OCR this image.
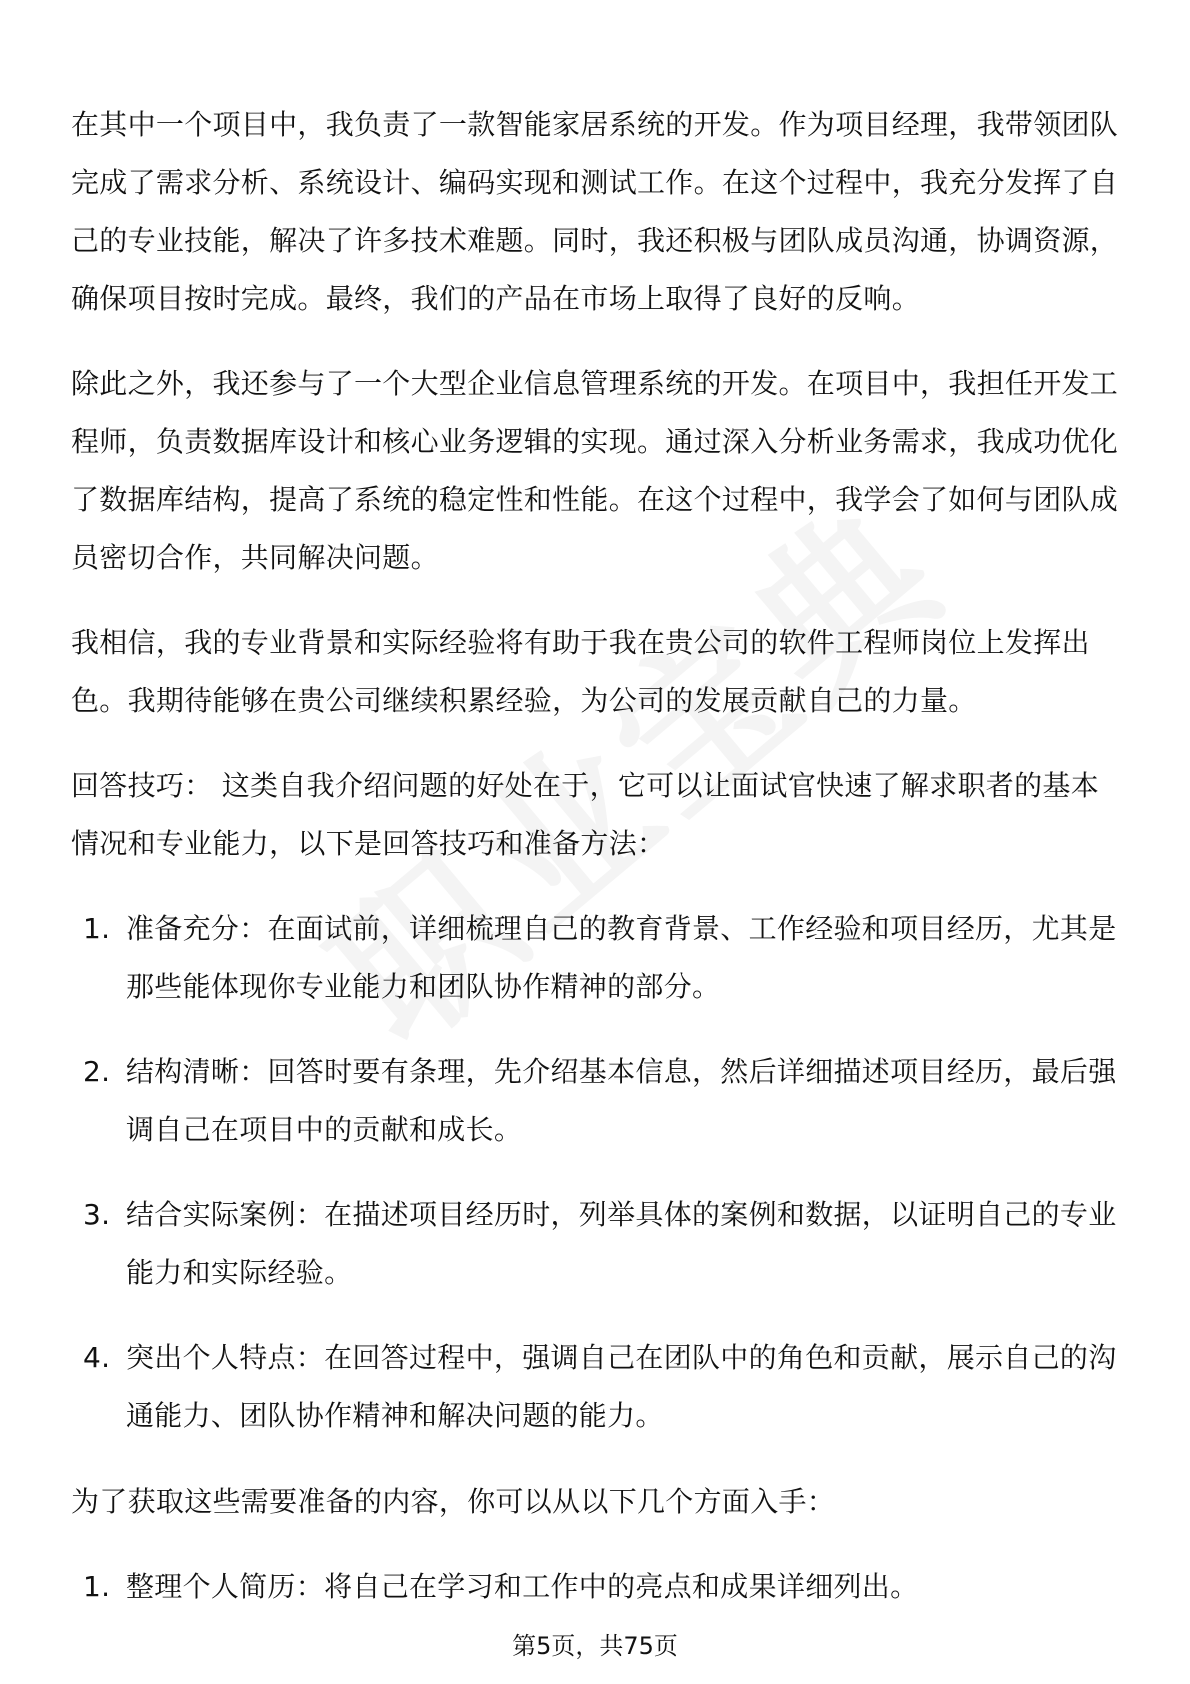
在其中一个项目中，我负责了一款智能家居系统的开发。作为项目经理，我带领团队完成了需求分析、系统设计、编码实现和测试工作。在这个过程中，我充分发挥了自己的专业技能，解决了许多技术难题。同时，我还积极与团队成员沟通，协调资源，确保项目按时完成。最终，我们的产品在市场上取得了良好的反响。

除此之外，我还参与了一个大型企业信息管理系统的开发。在项目中，我担任开发工程师，负责数据库设计和核心业务逻辑的实现。通过深入分析业务需求，我成功优化了数据库结构，提高了系统的稳定性和性能。在这个过程中，我学会了如何与团队成员密切合作，共同解决问题。

我相信，我的专业背景和实际经验将有助于我在贵公司的软件工程师岗位上发挥出色。我期待能够在贵公司继续积累经验，为公司的发展贡献自己的力量。

回答技巧： 这类自我介绍问题的好处在于，它可以让面试官快速了解求职者的基本情况和专业能力，以下是回答技巧和准备方法：

1. 准备充分：在面试前，详细梳理自己的教育背景、工作经验和项目经历，尤其是那些能体现你专业能力和团队协作精神的部分。
2. 结构清晰：回答时要有条理，先介绍基本信息，然后详细描述项目经历，最后强调自己在项目中的贡献和成长。
3. 结合实际案例：在描述项目经历时，列举具体的案例和数据，以证明自己的专业能力和实际经验。
4. 突出个人特点：在回答过程中，强调自己在团队中的角色和贡献，展示自己的沟通能力、团队协作精神和解决问题的能力。

为了获取这些需要准备的内容，你可以从以下几个方面入手：

1. 整理个人简历：将自己在学习和工作中的亮点和成果详细列出。
第5页，共75页
